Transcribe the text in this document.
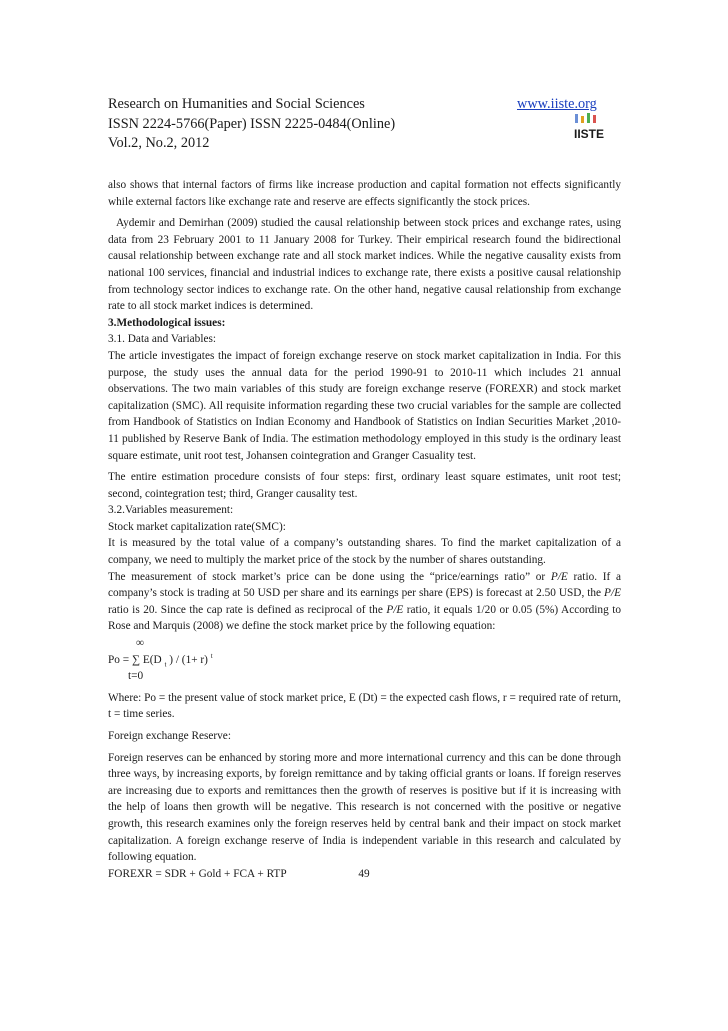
Research on Humanities and Social Sciences
ISSN 2224-5766(Paper) ISSN 2225-0484(Online)
Vol.2, No.2, 2012
www.iiste.org
IISTE

also shows that internal factors of firms like increase production and capital formation not effects significantly while external factors like exchange rate and reserve are effects significantly the stock prices.

Aydemir and Demirhan (2009) studied the causal relationship between stock prices and exchange rates, using data from 23 February 2001 to 11 January 2008 for Turkey. Their empirical research found the bidirectional causal relationship between exchange rate and all stock market indices. While the negative causality exists from national 100 services, financial and industrial indices to exchange rate, there exists a positive causal relationship from technology sector indices to exchange rate. On the other hand, negative causal relationship from exchange rate to all stock market indices is determined.

3.Methodological issues:

3.1. Data and Variables:

The article investigates the impact of foreign exchange reserve on stock market capitalization in India. For this purpose, the study uses the annual data for the period 1990-91 to 2010-11 which includes 21 annual observations. The two main variables of this study are foreign exchange reserve (FOREXR) and stock market capitalization (SMC). All requisite information regarding these two crucial variables for the sample are collected from Handbook of Statistics on Indian Economy and Handbook of Statistics on Indian Securities Market ,2010-11 published by Reserve Bank of India. The estimation methodology employed in this study is the ordinary least square estimate, unit root test, Johansen cointegration and Granger Casuality test.

The entire estimation procedure consists of four steps: first, ordinary least square estimates, unit root test; second, cointegration test; third, Granger causality test.

3.2.Variables measurement:

Stock market capitalization rate(SMC):

It is measured by the total value of a company’s outstanding shares. To find the market capitalization of a company, we need to multiply the market price of the stock by the number of shares outstanding.

The measurement of stock market’s price can be done using the “price/earnings ratio” or P/E ratio. If a company’s stock is trading at 50 USD per share and its earnings per share (EPS) is forecast at 2.50 USD, the P/E ratio is 20. Since the cap rate is defined as reciprocal of the P/E ratio, it equals 1/20 or 0.05 (5%) According to Rose and Marquis (2008) we define the stock market price by the following equation:

∞

Po = ∑ E(D $_t$ ) / (1+ r) $^t$

t=0

Where: Po = the present value of stock market price, E (Dt) = the expected cash flows, r = required rate of return, t = time series.

Foreign exchange Reserve:

Foreign reserves can be enhanced by storing more and more international currency and this can be done through three ways, by increasing exports, by foreign remittance and by taking official grants or loans. If foreign reserves are increasing due to exports and remittances then the growth of reserves is positive but if it is increasing with the help of loans then growth will be negative. This research is not concerned with the positive or negative growth, this research examines only the foreign reserves held by central bank and their impact on stock market capitalization. A foreign exchange reserve of India is independent variable in this research and calculated by following equation.

FOREXR = SDR + Gold + FCA + RTP	49
